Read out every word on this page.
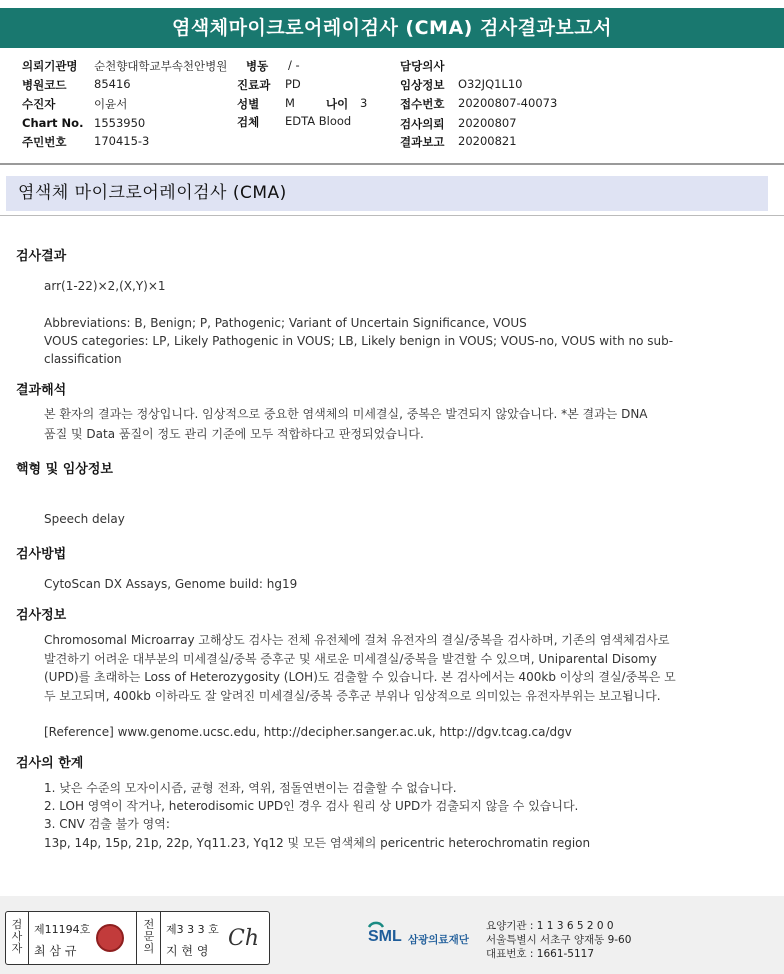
염색체마이크로어레이검사 (CMA) 검사결과보고서
의뢰기관명 순천향대학교부속천안병원 병동 / -	담당의사
병원코드 85416	진료과 PD	임상정보 O32JQ1L10
수진자	이윤서	성별 M	나이 3	접수번호 20200807-40073
Chart No. 1553950	검체 EDTA Blood	검사의뢰 20200807
주민번호 170415-3	결과보고 20200821
염색체 마이크로어레이검사 (CMA)
검사결과
arr(1-22)×2,(X,Y)×1
Abbreviations: B, Benign; P, Pathogenic; Variant of Uncertain Significance, VOUS
VOUS categories: LP, Likely Pathogenic in VOUS; LB, Likely benign in VOUS; VOUS-no, VOUS with no sub-
classification
결과해석
본 환자의 결과는 정상입니다. 임상적으로 중요한 염색체의 미세결실, 중복은 발견되지 않았습니다. *본 결과는 DNA
품질 및 Data 품질이 정도 관리 기준에 모두 적합하다고 판정되었습니다.
핵형 및 임상정보
Speech delay
검사방법
CytoScan DX Assays, Genome build: hg19
검사정보
Chromosomal Microarray 고해상도 검사는 전체 유전체에 걸쳐 유전자의 결실/중복을 검사하며, 기존의 염색체검사로
발견하기 어려운 대부분의 미세결실/중복 증후군 및 새로운 미세결실/중복을 발견할 수 있으며, Uniparental Disomy
(UPD)를 초래하는 Loss of Heterozygosity (LOH)도 검출할 수 있습니다. 본 검사에서는 400kb 이상의 결실/중복은 모
두 보고되며, 400kb 이하라도 잘 알려진 미세결실/중복 증후군 부위나 임상적으로 의미있는 유전자부위는 보고됩니다.
[Reference] www.genome.ucsc.edu, http://decipher.sanger.ac.uk, http://dgv.tcag.ca/dgv
검사의 한계
1. 낮은 수준의 모자이시즘, 균형 전좌, 역위, 점돌연변이는 검출할 수 없습니다.
2. LOH 영역이 작거나, heterodisomic UPD인 경우 검사 원리 상 UPD가 검출되지 않을 수 있습니다.
3. CNV 검출 불가 영역:
13p, 14p, 15p, 21p, 22p, Yq11.23, Yq12 및 모든 염색체의 pericentric heterochromatin region
검사자
제11194호
최 삼 규
전문의
제3 3 3 호
지 현 영 Ch	SML 삼광의료재단
요양기관 : 1 1 3 6 5 2 0 0
서울특별시 서초구 양재동 9-60
대표번호 : 1661-5117
